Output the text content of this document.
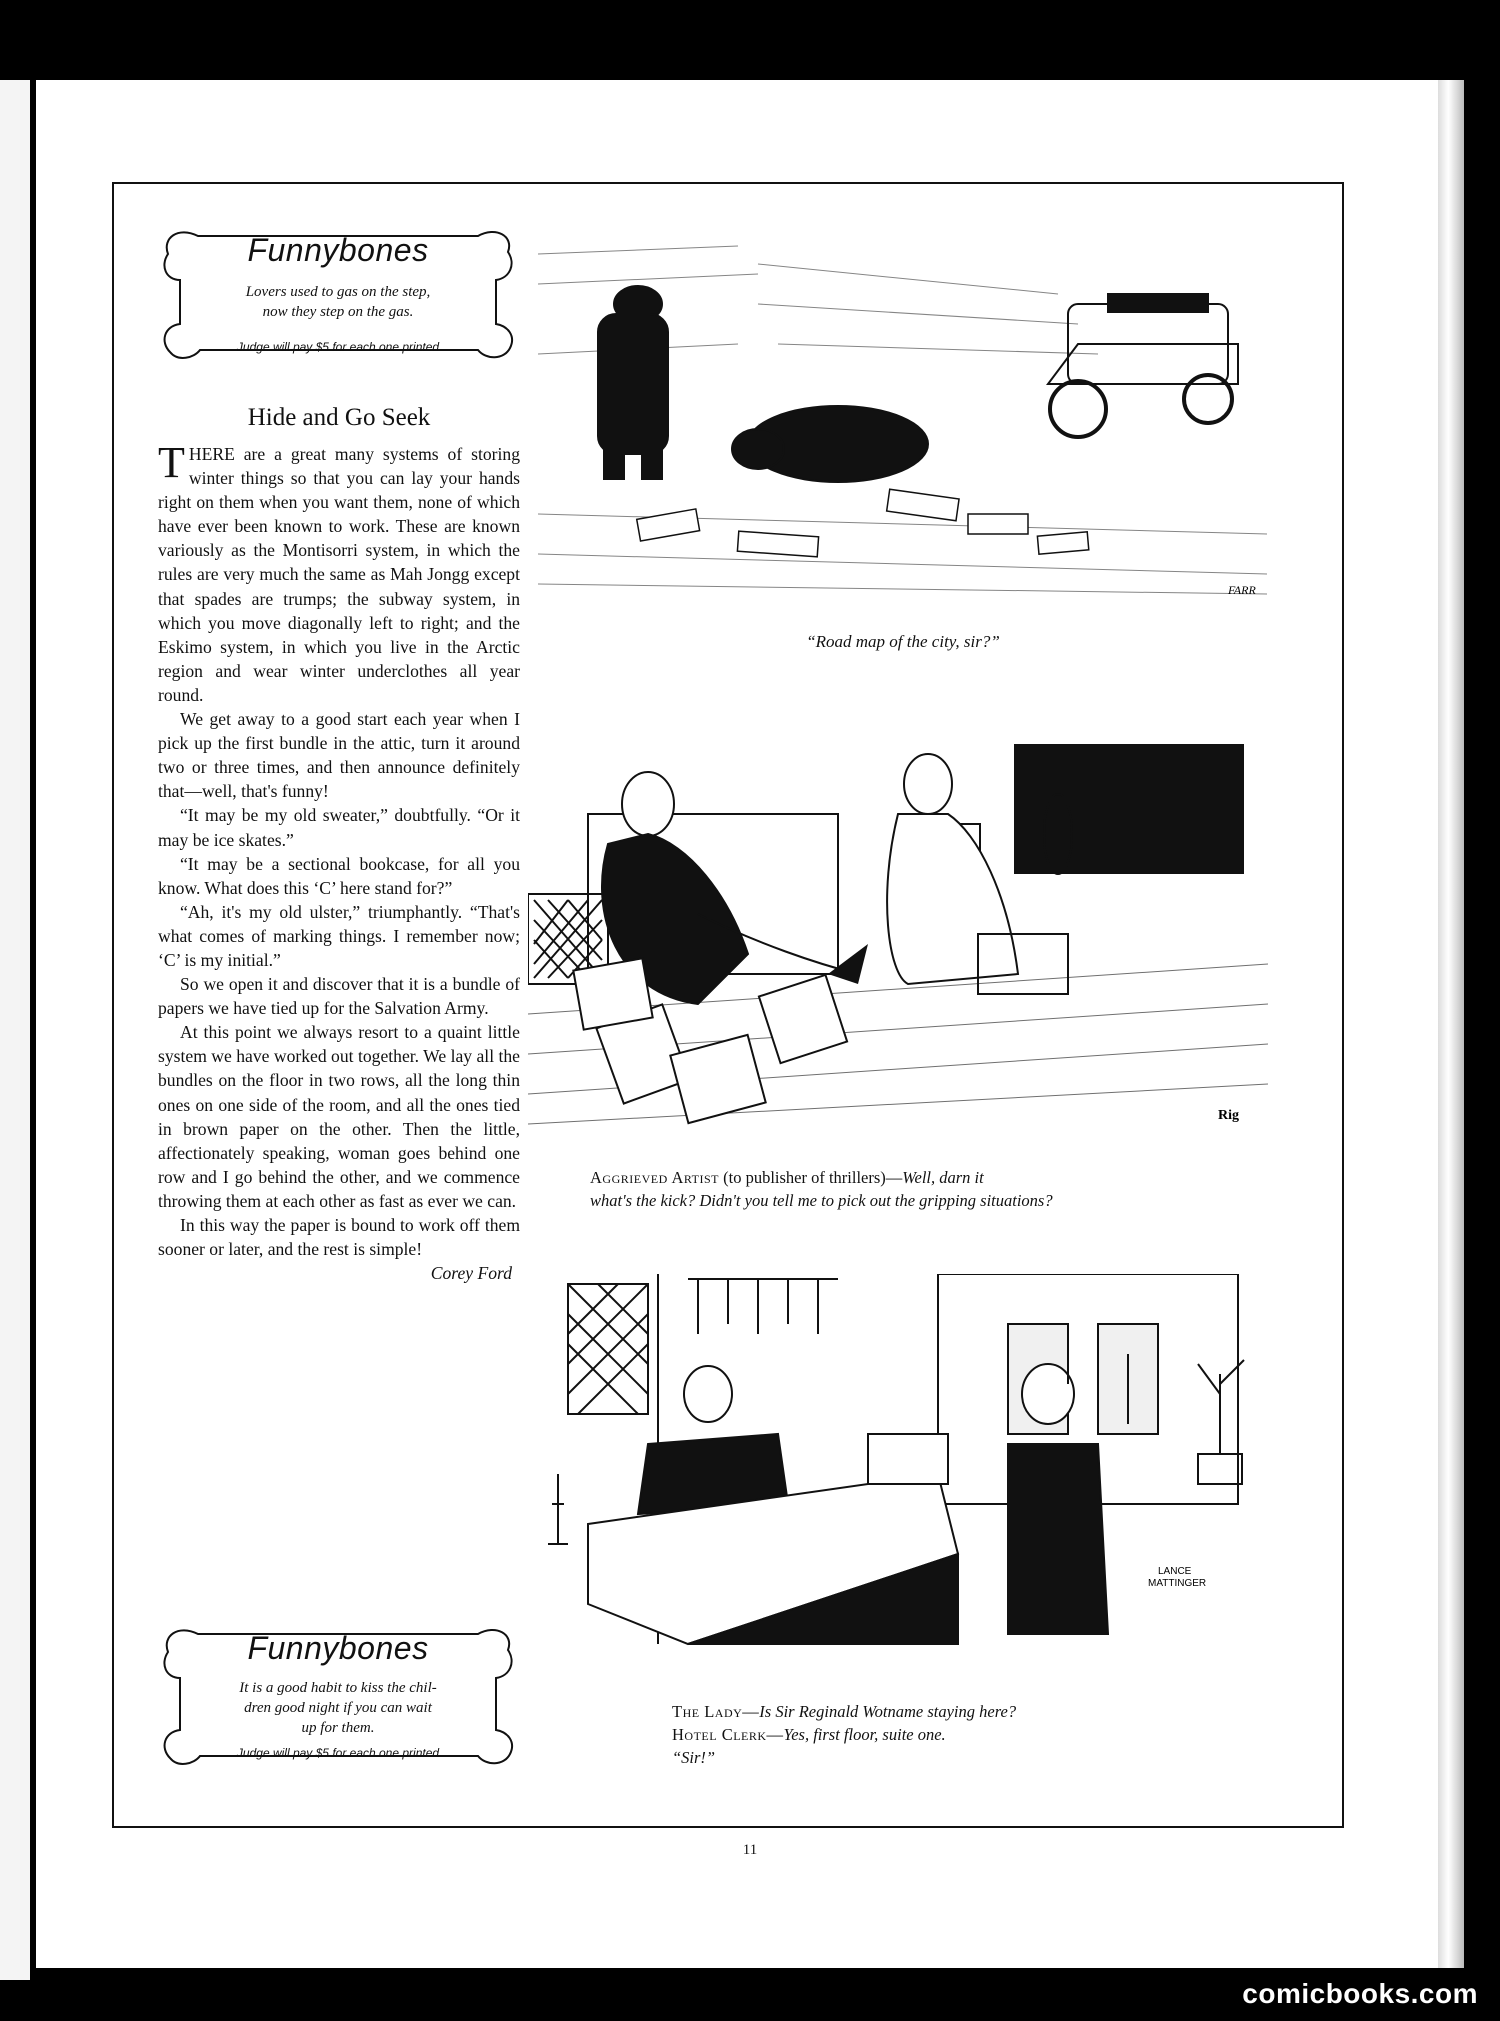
Funnybones
Lovers used to gas on the step,
now they step on the gas.
Judge will pay $5 for each one printed
Hide and Go Seek

THERE are a great many systems of storing winter things so that you can lay your hands right on them when you want them, none of which have ever been known to work. These are known variously as the Montisorri system, in which the rules are very much the same as Mah Jongg except that spades are trumps; the subway system, in which you move diagonally left to right; and the Eskimo system, in which you live in the Arctic region and wear winter underclothes all year round.

We get away to a good start each year when I pick up the first bundle in the attic, turn it around two or three times, and then announce definitely that—well, that's funny!

“It may be my old sweater,” doubtfully. “Or it may be ice skates.”

“It may be a sectional bookcase, for all you know. What does this ‘C’ here stand for?”

“Ah, it's my old ulster,” triumphantly. “That's what comes of marking things. I remember now; ‘C’ is my initial.”

So we open it and discover that it is a bundle of papers we have tied up for the Salvation Army.

At this point we always resort to a quaint little system we have worked out together. We lay all the bundles on the floor in two rows, all the long thin ones on one side of the room, and all the ones tied in brown paper on the other. Then the little, affectionately speaking, woman goes behind one row and I go behind the other, and we commence throwing them at each other as fast as ever we can.

In this way the paper is bound to work off them sooner or later, and the rest is simple!
Corey Ford

Funnybones
It is a good habit to kiss the chil-
dren good night if you can wait
up for them.
Judge will pay $5 for each one printed
FARR
“Road map of the city, sir?”
Rig
Aggrieved Artist (to publisher of thrillers)—Well, darn it
what's the kick? Didn't you tell me to pick out the gripping situations?
LANCE
MATTINGER
The Lady—Is Sir Reginald Wotname staying here?
Hotel Clerk—Yes, first floor, suite one.
“Sir!”
11
comicbooks.com
